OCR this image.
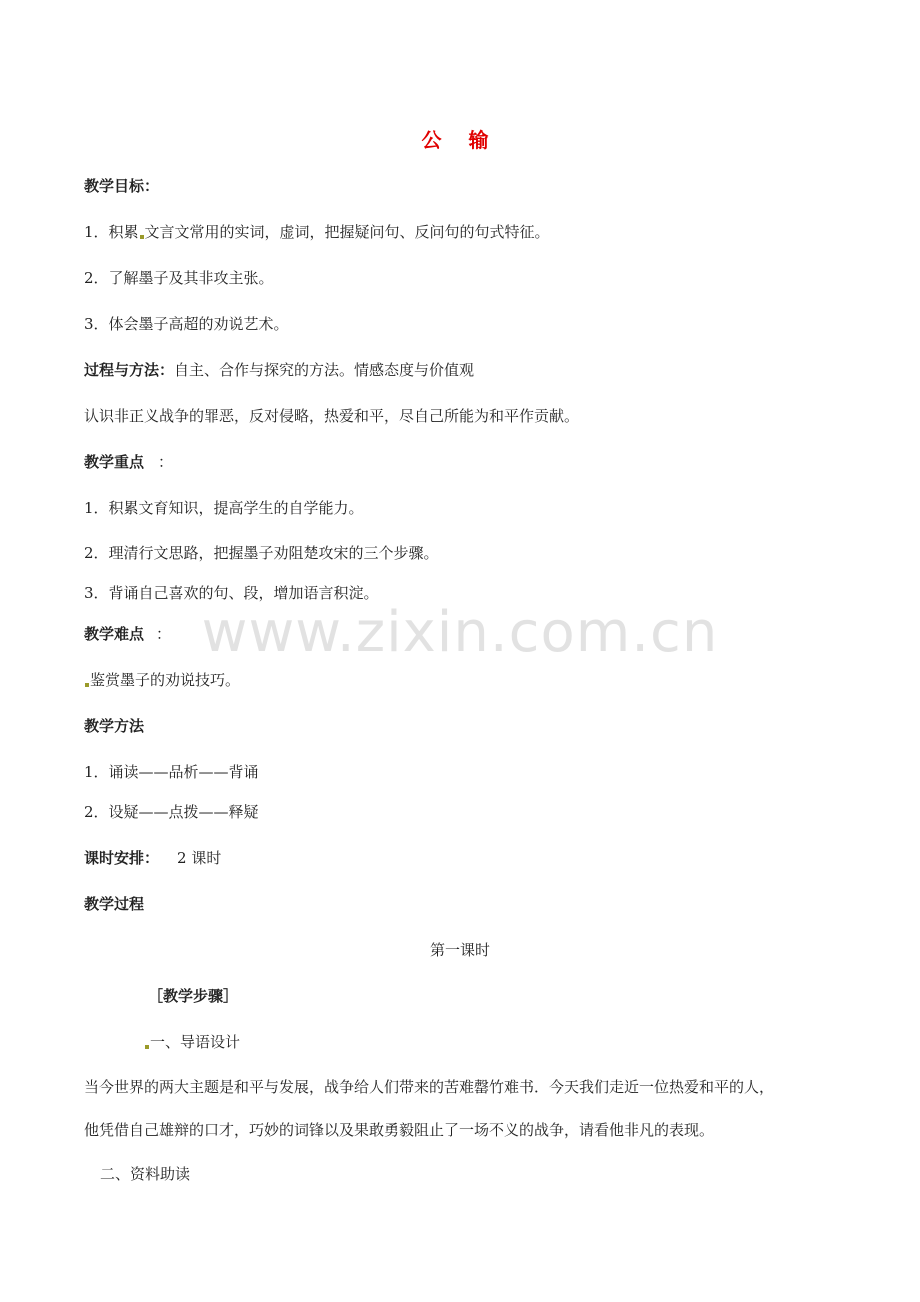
www.zixin.com.cn
公 输
教学目标：
1．积累 文言文常用的实词，虚词，把握疑问句、反问句的句式特征。
2．了解墨子及其非攻主张。
3．体会墨子高超的劝说艺术。
过程与方法：自主、合作与探究的方法。情感态度与价值观
认识非正义战争的罪恶，反对侵略，热爱和平，尽自己所能为和平作贡献。
教学重点 ：
1．积累文育知识，提高学生的自学能力。
2．理清行文思路，把握墨子劝阻楚攻宋的三个步骤。
3．背诵自己喜欢的句、段，增加语言积淀。
教学难点 ：
鉴赏墨子的劝说技巧。
教学方法
1．诵读——品析——背诵
2．设疑——点拨——释疑
课时安排： 2 课时
教学过程
第一课时
［教学步骤］
一、导语设计
当今世界的两大主题是和平与发展，战争给人们带来的苦难罄竹难书．今天我们走近一位热爱和平的人，
他凭借自己雄辩的口才，巧妙的词锋以及果敢勇毅阻止了一场不义的战争，请看他非凡的表现。
二、资料助读
